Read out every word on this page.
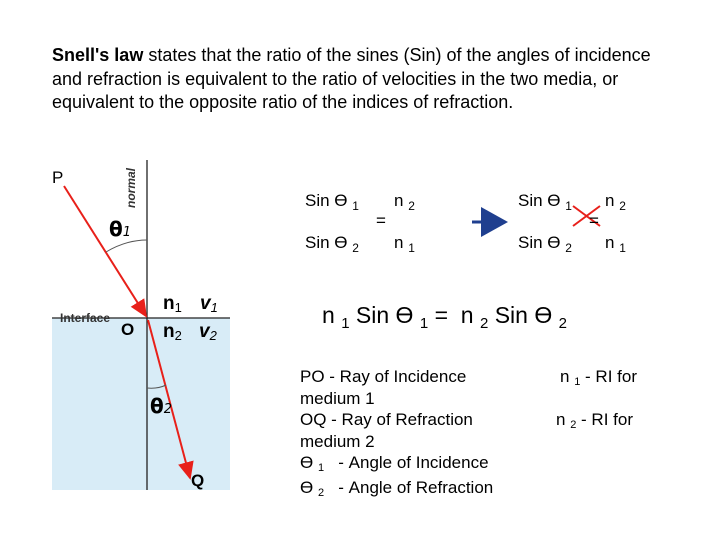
Snell's law states that the ratio of the sines (Sin) of the angles of incidence and refraction is equivalent to the ratio of velocities in the two media, or equivalent to the opposite ratio of the indices of refraction.
P	normal
θ1
Interface
O
n1 v1
n2 v2
θ2
Q
Sin Ө $_1$
Sin Ө $_2$
=
n $_2$
n $_1$
Sin Ө $_1$
Sin Ө $_2$
=
n $_2$
n $_1$
n $_1$ Sin Ө $_1$ = n $_2$ Sin Ө $_2$
PO - Ray of Incidence
medium 1
OQ - Ray of Refraction
medium 2
Ө 1   - Angle of Incidence
Ө 2   - Angle of Refraction
n 1 - RI for
n 2 - RI for
